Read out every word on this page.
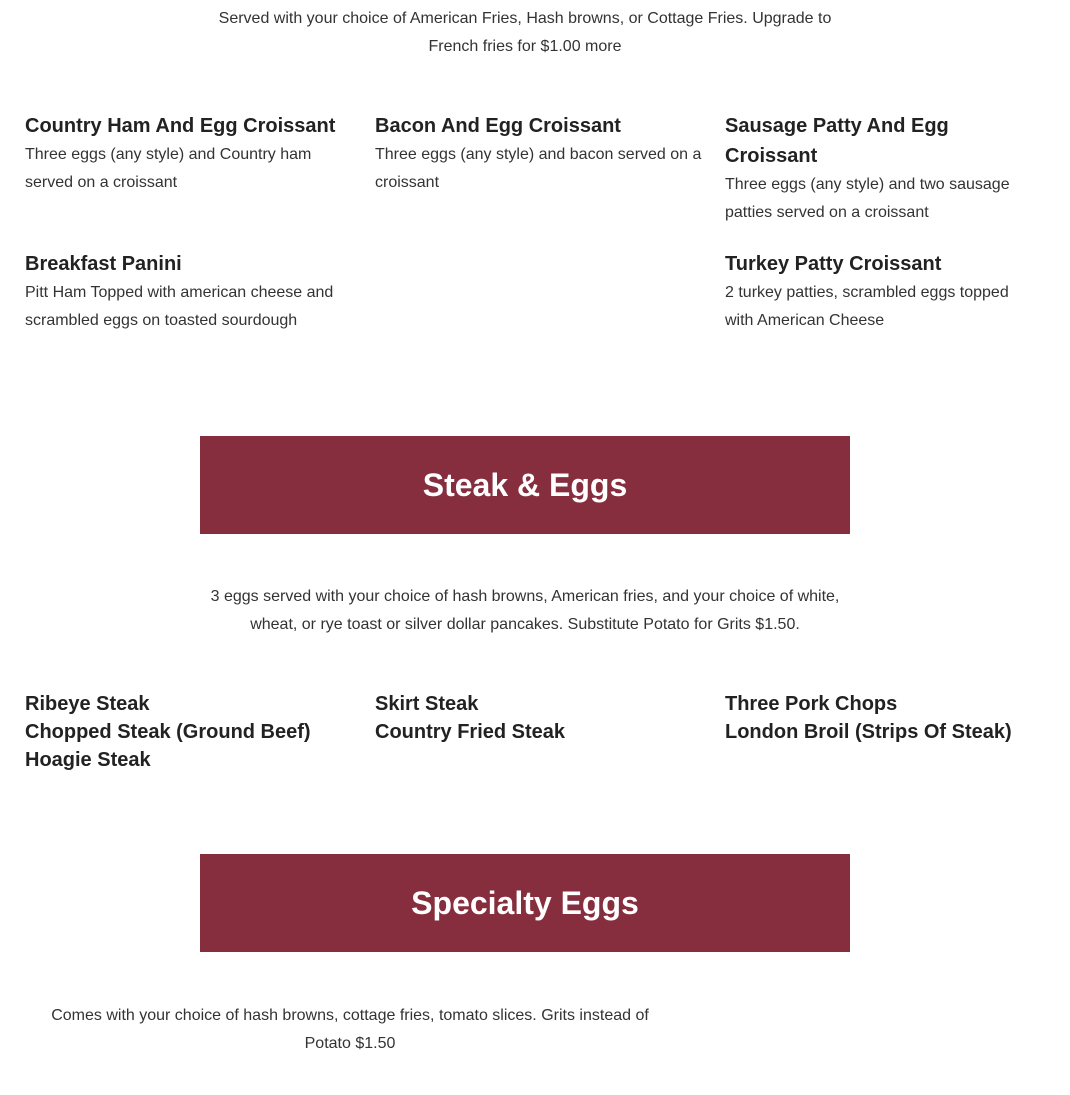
Served with your choice of American Fries, Hash browns, or Cottage Fries. Upgrade to French fries for $1.00 more
Country Ham And Egg Croissant
Three eggs (any style) and Country ham served on a croissant
Bacon And Egg Croissant
Three eggs (any style) and bacon served on a croissant
Sausage Patty And Egg Croissant
Three eggs (any style) and two sausage patties served on a croissant
Breakfast Panini
Pitt Ham Topped with american cheese and scrambled eggs on toasted sourdough
Turkey Patty Croissant
2 turkey patties, scrambled eggs topped with American Cheese
Steak & Eggs
3 eggs served with your choice of hash browns, American fries, and your choice of white, wheat, or rye toast or silver dollar pancakes. Substitute Potato for Grits $1.50.
Ribeye Steak
Chopped Steak (Ground Beef)
Hoagie Steak
Skirt Steak
Country Fried Steak
Three Pork Chops
London Broil (Strips Of Steak)
Specialty Eggs
Comes with your choice of hash browns, cottage fries, tomato slices. Grits instead of Potato $1.50
